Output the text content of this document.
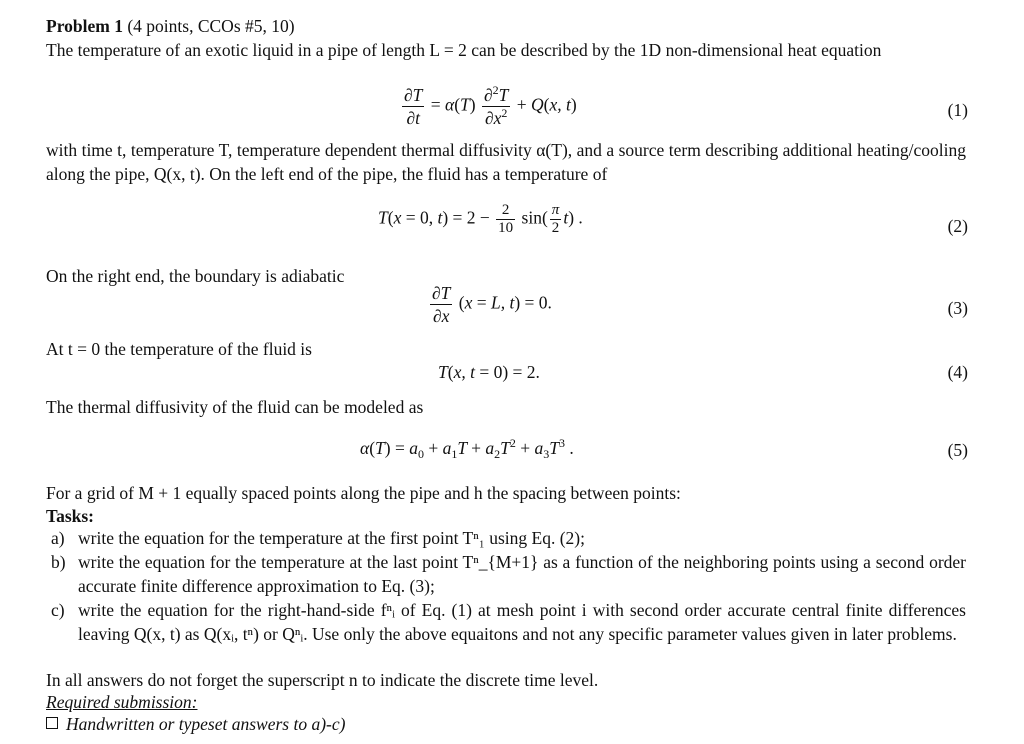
Problem 1 (4 points, CCOs #5, 10)
The temperature of an exotic liquid in a pipe of length L = 2 can be described by the 1D non-dimensional heat equation
$\frac{\partial T}{\partial t} = \alpha(T) \frac{\partial^2T}{\partial x^2} + Q(x$, t)	(1)
with time t, temperature T, temperature dependent thermal diffusivity α(T), and a source term describing additional heating/cooling along the pipe, Q(x, t). On the left end of the pipe, the fluid has a temperature of
T(x = 0, $t) = 2 - \frac{2}{10} \sin( \frac{\pi}{2} t)$ .	(2)
On the right end, the boundary is adiabatic
$\frac{\partial T}{\partial x} (x = L$, t) = 0.	(3)
At t = 0 the temperature of the fluid is
T(x, t = 0) = 2.	(4)
The thermal diffusivity of the fluid can be modeled as
$\alpha(T) = a_0 + a_1T + a_2T^2 + a_3T^3$ .	(5)
For a grid of M + 1 equally spaced points along the pipe and h the spacing between points:
Tasks:
a) write the equation for the temperature at the first point Tⁿ₁ using Eq. (2);
b) write the equation for the temperature at the last point Tⁿ_{M+1} as a function of the neighboring points using a second order accurate finite difference approximation to Eq. (3);
c) write the equation for the right-hand-side fⁿᵢ of Eq. (1) at mesh point i with second order accurate central finite differences leaving Q(x, t) as Q(xᵢ, tⁿ) or Qⁿᵢ. Use only the above equaitons and not any specific parameter values given in later problems.
In all answers do not forget the superscript n to indicate the discrete time level.
Required submission:
Handwritten or typeset answers to a)-c)
